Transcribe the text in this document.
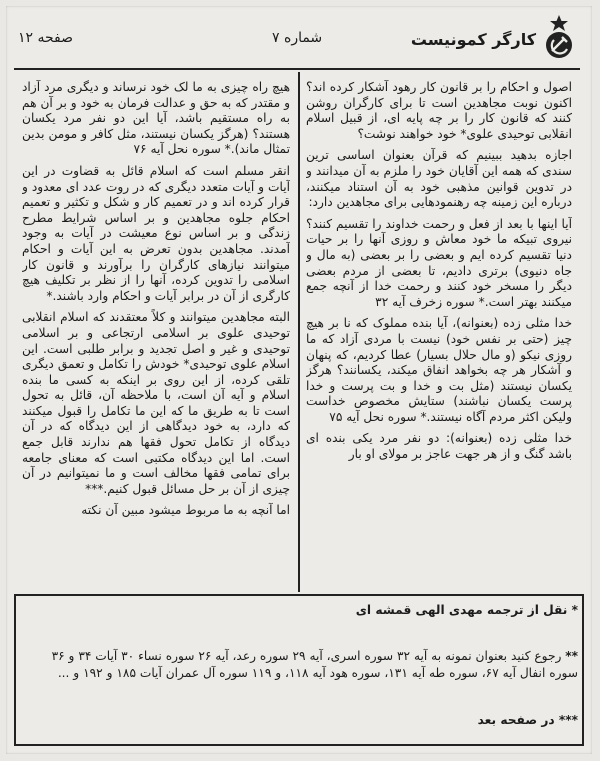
صفحه ۱۲	شماره ۷	کارگر کمونیست

اصول و احکام را بر قانون کار رهود آشکار کرده اند؟ اکنون نوبت مجاهدین است تا برای کارگران روشن کنند که قانون کار را بر چه پایه ای، از قبیل اسلام انقلابی توحیدی علوی* خود خواهند نوشت؟

اجازه بدهید ببینیم که قرآن بعنوان اساسی ترین سندی که همه این آقایان خود را ملزم به آن میدانند و در تدوین قوانین مذهبی خود به آن استناد میکنند، درباره این زمینه چه رهنمودهایی برای مجاهدین دارد:

آیا اینها با بعد از فعل و رحمت خداوند را تقسیم کنند؟ نیروی تبیکه ما خود معاش و روزی آنها را بر حیات دنیا تقسیم کرده ایم و بعضی را بر بعضی (به مال و جاه دنیوی) برتری دادیم، تا بعضی از مردم بعضی دیگر را مسخر خود کنند و رحمت خدا از آنچه جمع میکنند بهتر است.* سوره زخرف آیه ۳۲

خدا مثلی زده (بعنوانه)، آیا بنده مملوک که نا بر هیچ چیز (حتی بر نفس خود) نیست با مردی آزاد که ما روزی نیکو (و مال حلال بسیار) عطا کردیم، که پنهان و آشکار هر چه بخواهد انفاق میکند، یکسانند؟ هرگز یکسان نیستند (مثل بت و خدا و بت پرست و خدا پرست یکسان نباشند) ستایش مخصوص خداست ولیکن اکثر مردم آگاه نیستند.* سوره نحل آیه ۷۵

خدا مثلی زده (بعنوانه): دو نفر مرد یکی بنده ای باشد گنگ و از هر جهت عاجز بر مولای او بار

هیچ راه چیزی به ما لک خود نرساند و دیگری مرد آزاد و مقتدر که به حق و عدالت فرمان به خود و بر آن هم به راه مستقیم باشد، آیا این دو نفر مرد یکسان هستند؟ (هرگز یکسان نیستند، مثل کافر و مومن بدین تمثال ماند).* سوره نحل آیه ۷۶

انقر مسلم است که اسلام قائل به قضاوت در این آیات و آیات متعدد دیگری که در روت عدد ای معدود و قرار کرده اند و در تعمیم کار و شکل و تکثیر و تعمیم احکام جلوه مجاهدین و بر اساس شرایط مطرح زندگی و بر اساس نوع معیشت در آیات به وجود آمدند. مجاهدین بدون تعرض به این آیات و احکام میتوانند نیازهای کارگران را برآورند و قانون کار اسلامی را تدوین کرده، آنها را از نظر بر تکلیف هیچ کارگری از آن در برابر آیات و احکام وارد باشند.*

البته مجاهدین میتوانند و کلاً معتقدند که اسلام انقلابی توحیدی علوی بر اسلامی ارتجاعی و بر اسلامی توحیدی و غیر و اصل تجدید و برابر طلبی است. این اسلام علوی توحیدی* خودش را تکامل و تعمق دیگری تلقی کرده، از این روی بر اینکه به کسی ما بنده اسلام و آیه آن است، با ملاحظه آن، قائل به تحول است تا به طریق ما که این ما تکامل را قبول میکنند که دارد، به خود دیدگاهی از این دیدگاه که در آن دیدگاه از تکامل تحول فقها هم ندارند قابل جمع است. اما این دیدگاه مکتبی است که معنای جامعه برای تمامی فقها مخالف است و ما نمیتوانیم در آن چیزی از آن بر حل مسائل قبول کنیم.***

اما آنچه به ما مربوط میشود مبین آن نکته

* نقل از ترجمه مهدی الهی قمشه ای
** رجوع کنید بعنوان نمونه به آیه ۳۲ سوره اسری، آیه ۲۹ سوره رعد، آیه ۲۶ سوره نساء ۳۰ آیات ۳۴ و ۳۶ سوره انفال آیه ۶۷، سوره طه آیه ۱۳۱، سوره هود آیه ۱۱۸، و ۱۱۹ سوره آل عمران آیات ۱۸۵ و ۱۹۲ و ...
*** در صفحه بعد
